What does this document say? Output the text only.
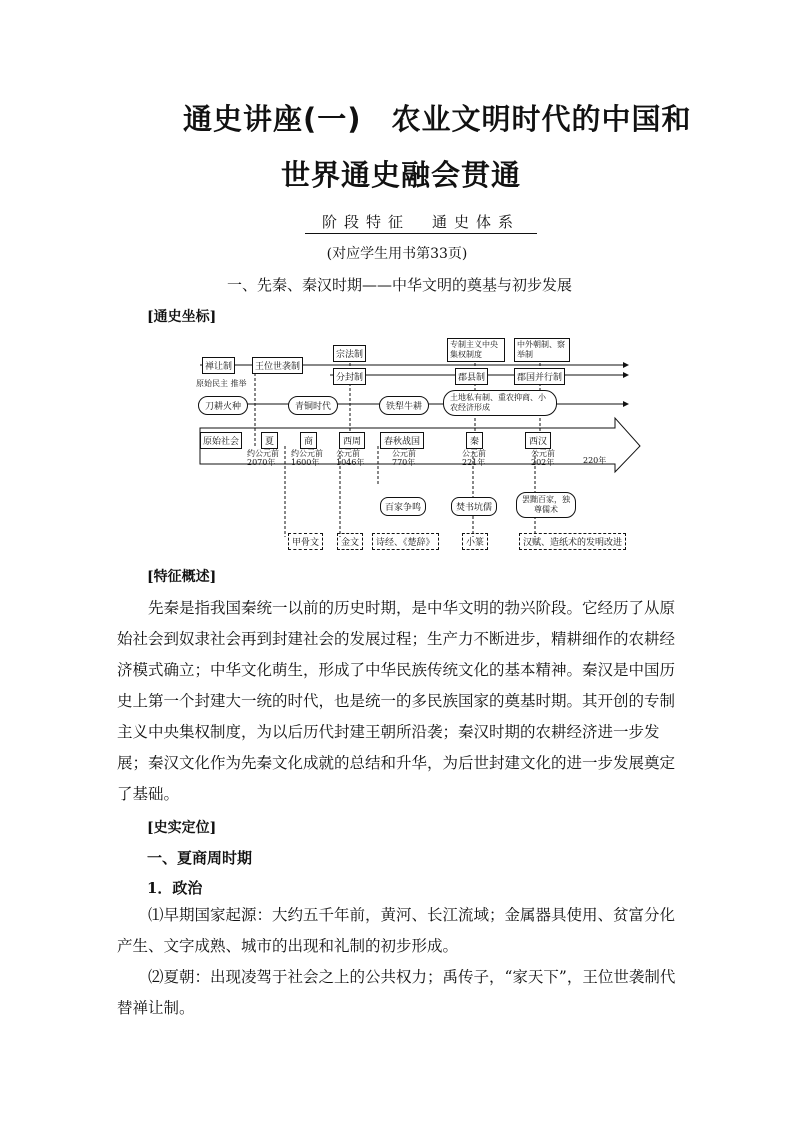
通史讲座(一)　农业文明时代的中国和
世界通史融会贯通
阶段特征　通史体系
(对应学生用书第33页)
一、先秦、秦汉时期——中华文明的奠基与初步发展
[通史坐标]
禅让制	王位世袭制
宗法制
分封制
专制主义中央集权制度
郡县制
中外朝制、察举制
郡国并行制
原始民主 推举
刀耕火种	青铜时代	铁犁牛耕
土地私有制、重农抑商、小农经济形成
原始社会	夏	商	西周	春秋战国	秦	西汉
约公元前2070年
约公元前1600年
公元前1046年
公元前770年
公元前221年
公元前202年	220年
百家争鸣	焚书坑儒
罢黜百家，独尊儒术
甲骨文	金文	诗经、《楚辞》	小篆	汉赋、造纸术的发明改进
[特征概述]
先秦是指我国秦统一以前的历史时期，是中华文明的勃兴阶段。它经历了从原始社会到奴隶社会再到封建社会的发展过程；生产力不断进步，精耕细作的农耕经济模式确立；中华文化萌生，形成了中华民族传统文化的基本精神。秦汉是中国历史上第一个封建大一统的时代，也是统一的多民族国家的奠基时期。其开创的专制主义中央集权制度，为以后历代封建王朝所沿袭；秦汉时期的农耕经济进一步发展；秦汉文化作为先秦文化成就的总结和升华，为后世封建文化的进一步发展奠定了基础。
[史实定位]
一、夏商周时期
1．政治
⑴早期国家起源：大约五千年前，黄河、长江流域；金属器具使用、贫富分化产生、文字成熟、城市的出现和礼制的初步形成。
⑵夏朝：出现凌驾于社会之上的公共权力；禹传子，“家天下”，王位世袭制代替禅让制。
